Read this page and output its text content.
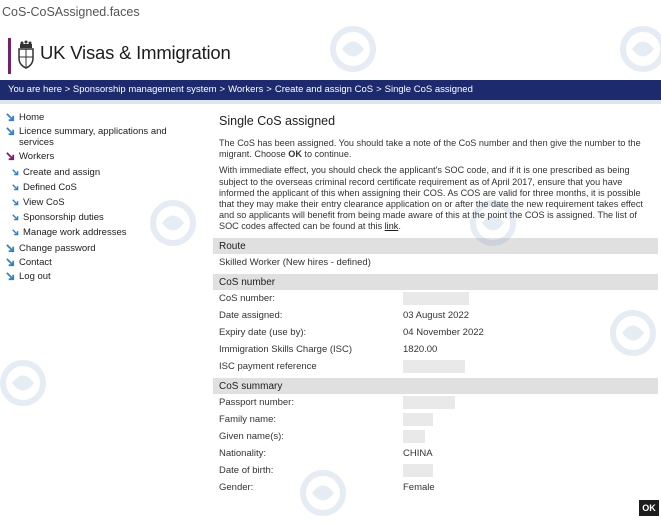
CoS-CoSAssigned.faces
UK Visas & Immigration
You are here > Sponsorship management system > Workers > Create and assign CoS > Single CoS assigned
Home
Licence summary, applications and services
Workers
Create and assign
Defined CoS
View CoS
Sponsorship duties
Manage work addresses
Change password
Contact
Log out
Single CoS assigned

The CoS has been assigned. You should take a note of the CoS number and then give the number to the migrant. Choose OK to continue.

With immediate effect, you should check the applicant's SOC code, and if it is one prescribed as being subject to the overseas criminal record certificate requirement as of April 2017, ensure that you have informed the applicant of this when assigning their COS. As COS are valid for three months, it is possible that they may make their entry clearance application on or after the date the new requirement takes effect and so applicants will benefit from being made aware of this at the point the COS is assigned. The list of SOC codes affected can be found at this link.

Route
Skilled Worker (New hires - defined)
CoS number
CoS number:
Date assigned:	03 August 2022
Expiry date (use by):	04 November 2022
Immigration Skills Charge (ISC)	1820.00
ISC payment reference
CoS summary
Passport number:
Family name:
Given name(s):
Nationality:	CHINA
Date of birth:
Gender:	Female
OK
